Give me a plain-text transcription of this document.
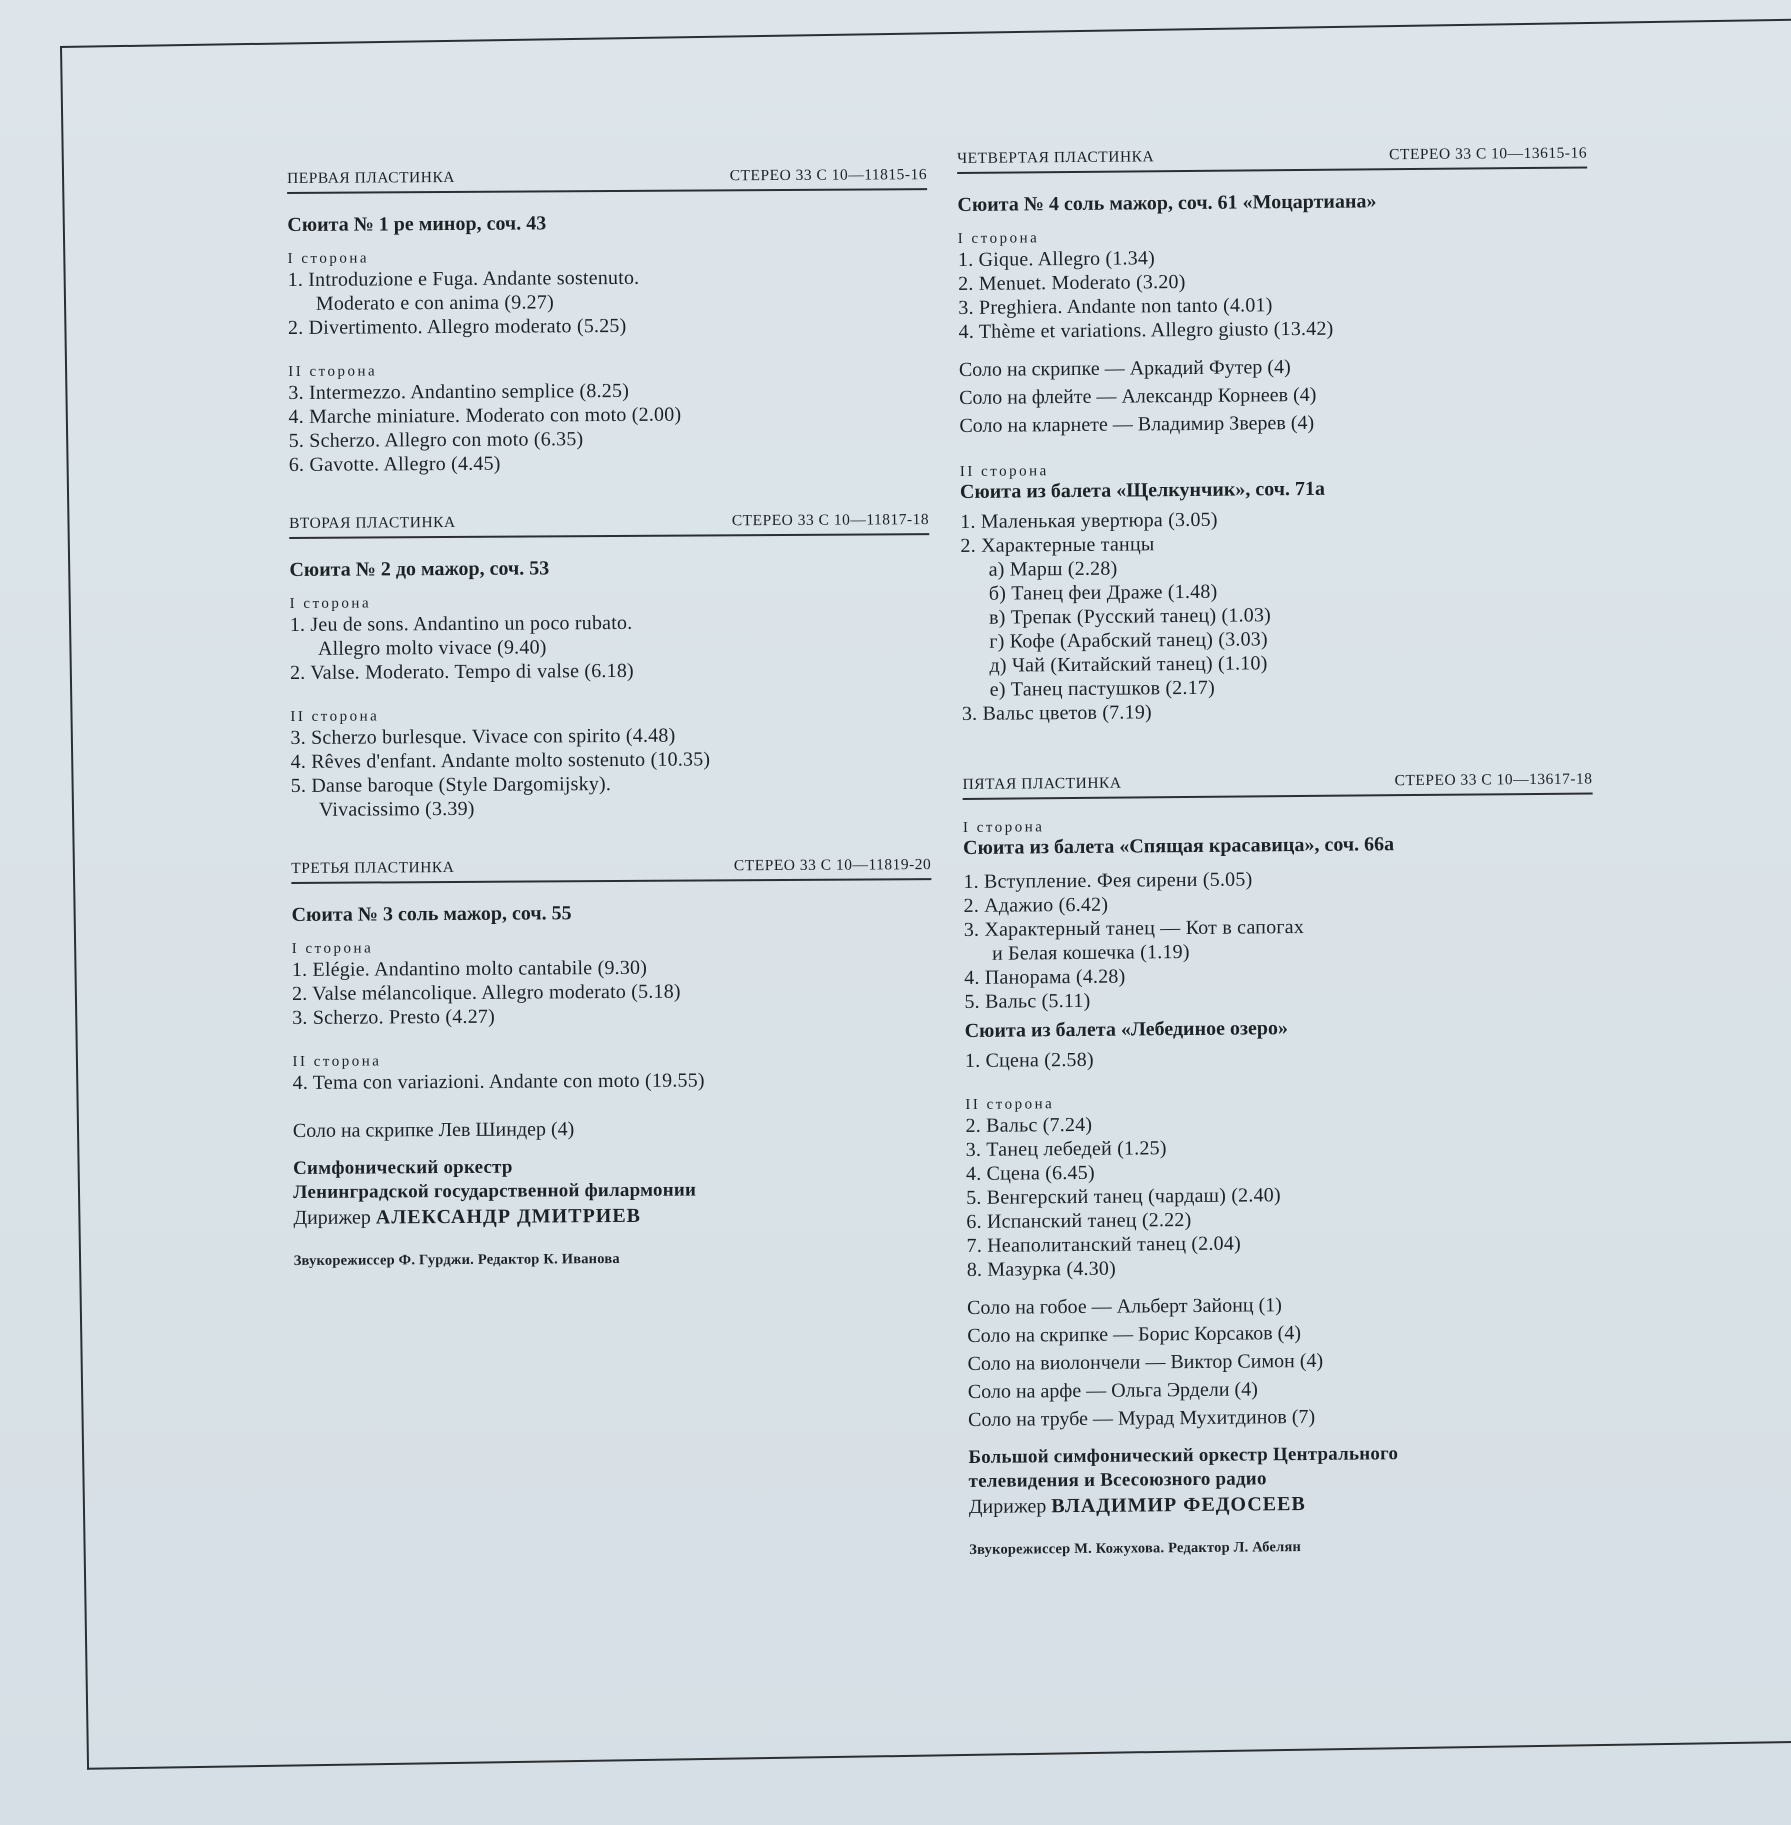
ПЕРВАЯ ПЛАСТИНКА	СТЕРЕО 33 С 10—11815-16
Сюита № 1 ре минор, соч. 43
I сторона
1. Introduzione e Fuga. Andante sostenuto.
Moderato e con anima (9.27)
2. Divertimento. Allegro moderato (5.25)
II сторона
3. Intermezzo. Andantino semplice (8.25)
4. Marche miniature. Moderato con moto (2.00)
5. Scherzo. Allegro con moto (6.35)
6. Gavotte. Allegro (4.45)
ВТОРАЯ ПЛАСТИНКА	СТЕРЕО 33 С 10—11817-18
Сюита № 2 до мажор, соч. 53
I сторона
1. Jeu de sons. Andantino un poco rubato.
Allegro molto vivace (9.40)
2. Valse. Moderato. Tempo di valse (6.18)
II сторона
3. Scherzo burlesque. Vivace con spirito (4.48)
4. Rêves d'enfant. Andante molto sostenuto (10.35)
5. Danse baroque (Style Dargomijsky).
Vivacissimo (3.39)
ТРЕТЬЯ ПЛАСТИНКА	СТЕРЕО 33 С 10—11819-20
Сюита № 3 соль мажор, соч. 55
I сторона
1. Elégie. Andantino molto cantabile (9.30)
2. Valse mélancolique. Allegro moderato (5.18)
3. Scherzo. Presto (4.27)
II сторона
4. Tema con variazioni. Andante con moto (19.55)
Соло на скрипке Лев Шиндер (4)
Симфонический оркестр
Ленинградской государственной филармонии
Дирижер АЛЕКСАНДР ДМИТРИЕВ
Звукорежиссер Ф. Гурджи. Редактор К. Иванова
ЧЕТВЕРТАЯ ПЛАСТИНКА	СТЕРЕО 33 С 10—13615-16
Сюита № 4 соль мажор, соч. 61 «Моцартиана»
I сторона
1. Gique. Allegro (1.34)
2. Menuet. Moderato (3.20)
3. Preghiera. Andante non tanto (4.01)
4. Thème et variations. Allegro giusto (13.42)
Соло на скрипке — Аркадий Футер (4)
Соло на флейте — Александр Корнеев (4)
Соло на кларнете — Владимир Зверев (4)
II сторона
Сюита из балета «Щелкунчик», соч. 71а
1. Маленькая увертюра (3.05)
2. Характерные танцы
а) Марш (2.28)
б) Танец феи Драже (1.48)
в) Трепак (Русский танец) (1.03)
г) Кофе (Арабский танец) (3.03)
д) Чай (Китайский танец) (1.10)
е) Танец пастушков (2.17)
3. Вальс цветов (7.19)
ПЯТАЯ ПЛАСТИНКА	СТЕРЕО 33 С 10—13617-18
I сторона
Сюита из балета «Спящая красавица», соч. 66а
1. Вступление. Фея сирени (5.05)
2. Адажио (6.42)
3. Характерный танец — Кот в сапогах
и Белая кошечка (1.19)
4. Панорама (4.28)
5. Вальс (5.11)
Сюита из балета «Лебединое озеро»
1. Сцена (2.58)
II сторона
2. Вальс (7.24)
3. Танец лебедей (1.25)
4. Сцена (6.45)
5. Венгерский танец (чардаш) (2.40)
6. Испанский танец (2.22)
7. Неаполитанский танец (2.04)
8. Мазурка (4.30)
Соло на гобое — Альберт Зайонц (1)
Соло на скрипке — Борис Корсаков (4)
Соло на виолончели — Виктор Симон (4)
Соло на арфе — Ольга Эрдели (4)
Соло на трубе — Мурад Мухитдинов (7)
Большой симфонический оркестр Центрального
телевидения и Всесоюзного радио
Дирижер ВЛАДИМИР ФЕДОСЕЕВ
Звукорежиссер М. Кожухова. Редактор Л. Абелян
